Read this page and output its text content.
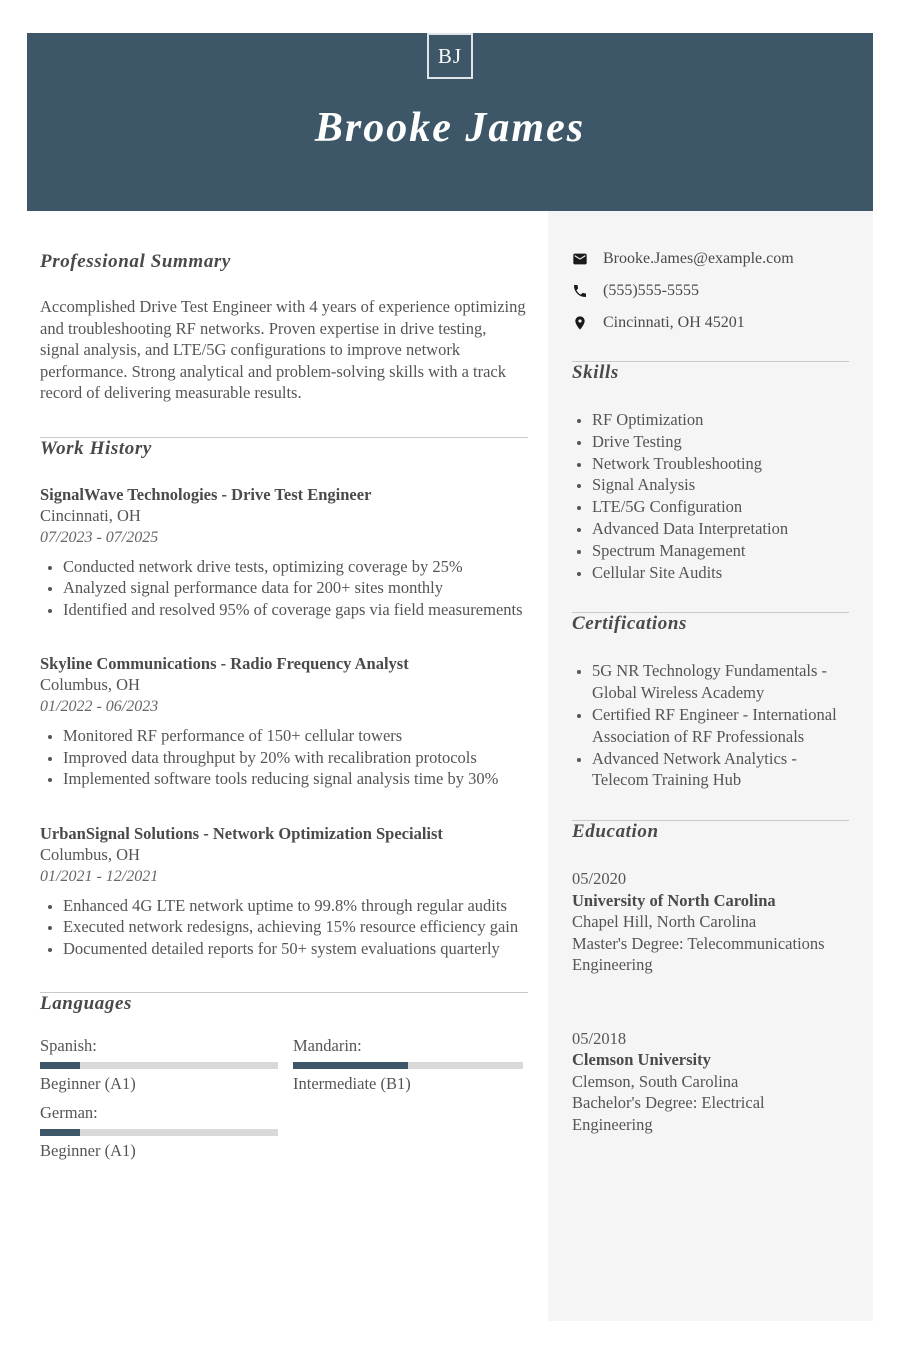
BJ
Brooke James
Professional Summary

Accomplished Drive Test Engineer with 4 years of experience optimizing and troubleshooting RF networks. Proven expertise in drive testing, signal analysis, and LTE/5G configurations to improve network performance. Strong analytical and problem-solving skills with a track record of delivering measurable results.

Work History
SignalWave Technologies - Drive Test Engineer
Cincinnati, OH
07/2023 - 07/2025
• Conducted network drive tests, optimizing coverage by 25%
• Analyzed signal performance data for 200+ sites monthly
• Identified and resolved 95% of coverage gaps via field measurements
Skyline Communications - Radio Frequency Analyst
Columbus, OH
01/2022 - 06/2023
• Monitored RF performance of 150+ cellular towers
• Improved data throughput by 20% with recalibration protocols
• Implemented software tools reducing signal analysis time by 30%
UrbanSignal Solutions - Network Optimization Specialist
Columbus, OH
01/2021 - 12/2021
• Enhanced 4G LTE network uptime to 99.8% through regular audits
• Executed network redesigns, achieving 15% resource efficiency gain
• Documented detailed reports for 50+ system evaluations quarterly
Languages
Spanish:
Beginner (A1)
Mandarin:
Intermediate (B1)
German:
Beginner (A1)
Brooke.James@example.com
(555)555-5555
Cincinnati, OH 45201
Skills
• RF Optimization
• Drive Testing
• Network Troubleshooting
• Signal Analysis
• LTE/5G Configuration
• Advanced Data Interpretation
• Spectrum Management
• Cellular Site Audits
Certifications
• 5G NR Technology Fundamentals - Global Wireless Academy
• Certified RF Engineer - International Association of RF Professionals
• Advanced Network Analytics - Telecom Training Hub
Education
05/2020
University of North Carolina
Chapel Hill, North Carolina
Master's Degree: Telecommunications Engineering
05/2018
Clemson University
Clemson, South Carolina
Bachelor's Degree: Electrical Engineering
